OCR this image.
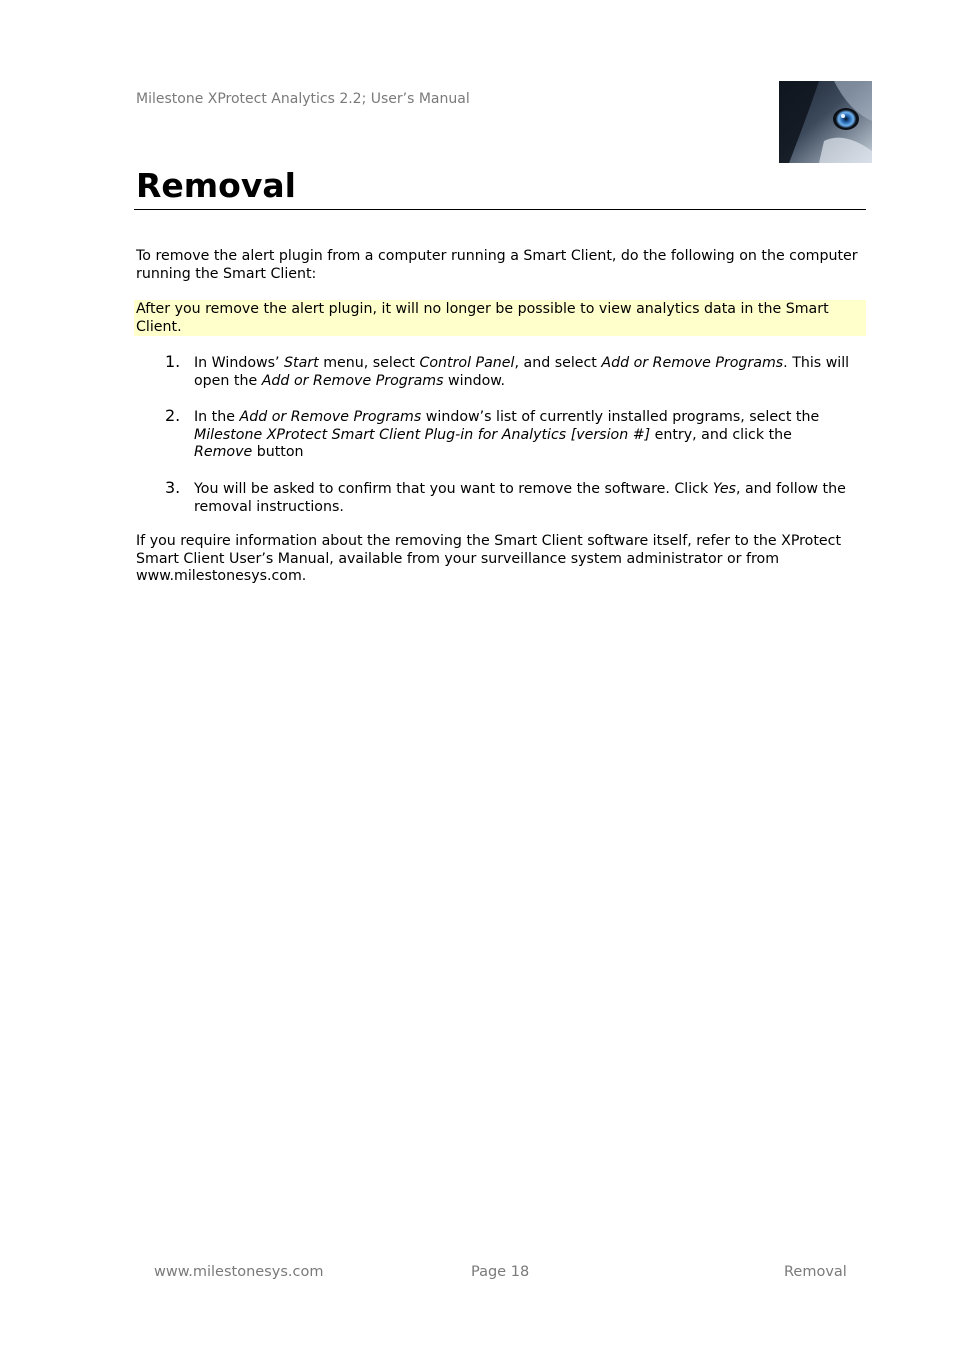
Milestone XProtect Analytics 2.2; User’s Manual
Removal

To remove the alert plugin from a computer running a Smart Client, do the following on the computer running the Smart Client:

After you remove the alert plugin, it will no longer be possible to view analytics data in the Smart Client.

1. In Windows’ Start menu, select Control Panel, and select Add or Remove Programs. This will open the Add or Remove Programs window.

2. In the Add or Remove Programs window’s list of currently installed programs, select the Milestone XProtect Smart Client Plug-in for Analytics [version #] entry, and click the Remove button

3. You will be asked to confirm that you want to remove the software. Click Yes, and follow the removal instructions.

If you require information about the removing the Smart Client software itself, refer to the XProtect Smart Client User’s Manual, available from your surveillance system administrator or from www.milestonesys.com.

www.milestonesys.com	Page 18	Removal
